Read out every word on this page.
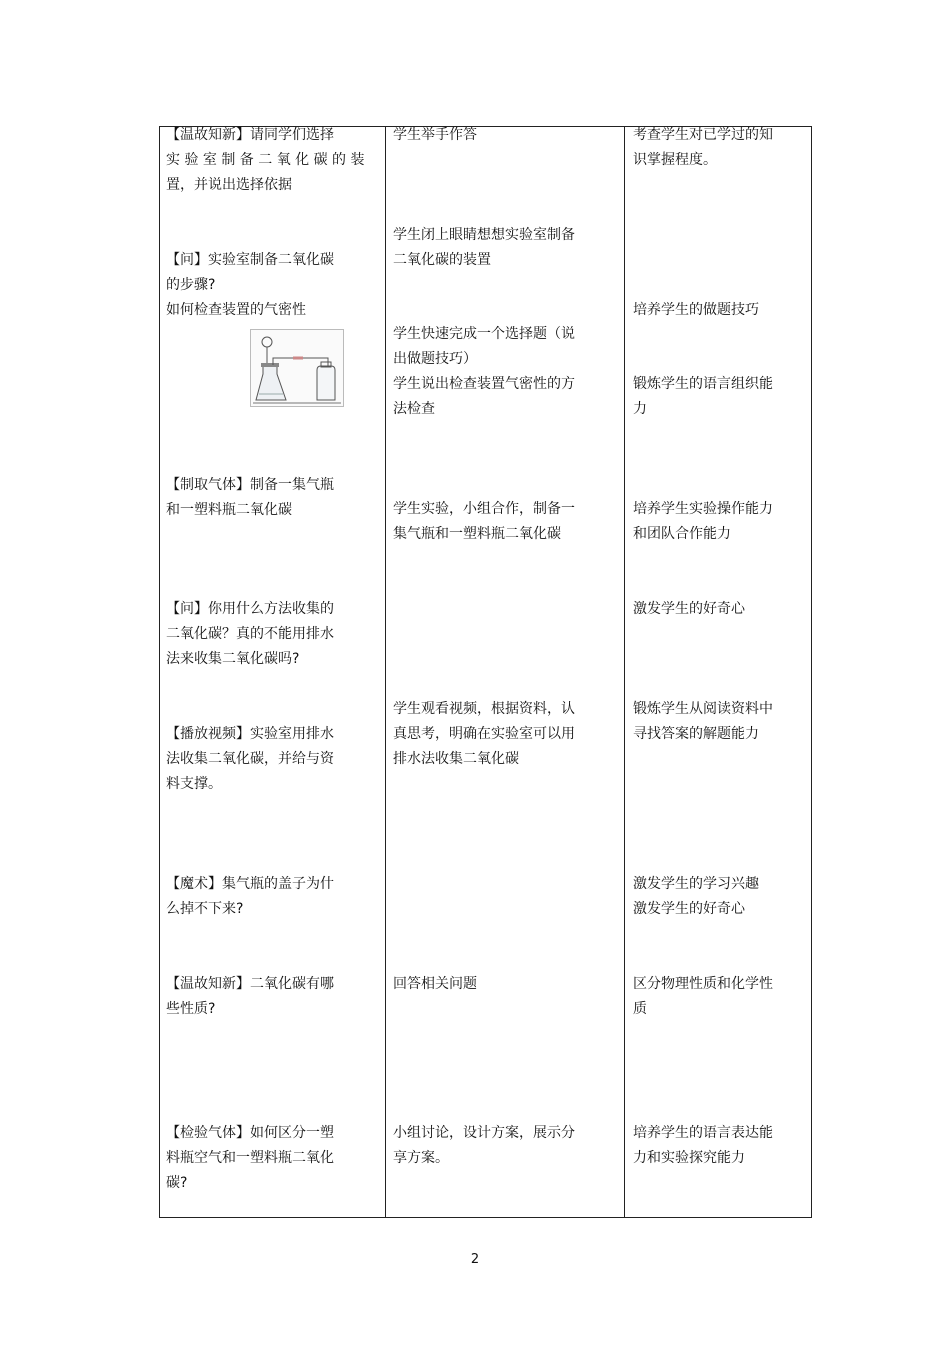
【温故知新】请同学们选择
实 验 室 制 备 二 氧 化 碳 的 装
置，并说出选择依据
【问】实验室制备二氧化碳
的步骤?
如何检查装置的气密性
【制取气体】制备一集气瓶
和一塑料瓶二氧化碳
【问】你用什么方法收集的
二氧化碳？真的不能用排水
法来收集二氧化碳吗?
【播放视频】实验室用排水
法收集二氧化碳，并给与资
料支撑。
【魔术】集气瓶的盖子为什
么掉不下来?
【温故知新】二氧化碳有哪
些性质?
【检验气体】如何区分一塑
料瓶空气和一塑料瓶二氧化
碳?
学生举手作答
学生闭上眼睛想想实验室制备
二氧化碳的装置
学生快速完成一个选择题（说
出做题技巧）
学生说出检查装置气密性的方
法检查
学生实验，小组合作，制备一
集气瓶和一塑料瓶二氧化碳
学生观看视频，根据资料，认
真思考，明确在实验室可以用
排水法收集二氧化碳
回答相关问题
小组讨论，设计方案，展示分
享方案。
考查学生对已学过的知
识掌握程度。
培养学生的做题技巧
锻炼学生的语言组织能
力
培养学生实验操作能力
和团队合作能力
激发学生的好奇心
锻炼学生从阅读资料中
寻找答案的解题能力
激发学生的学习兴趣
激发学生的好奇心
区分物理性质和化学性
质
培养学生的语言表达能
力和实验探究能力
2
